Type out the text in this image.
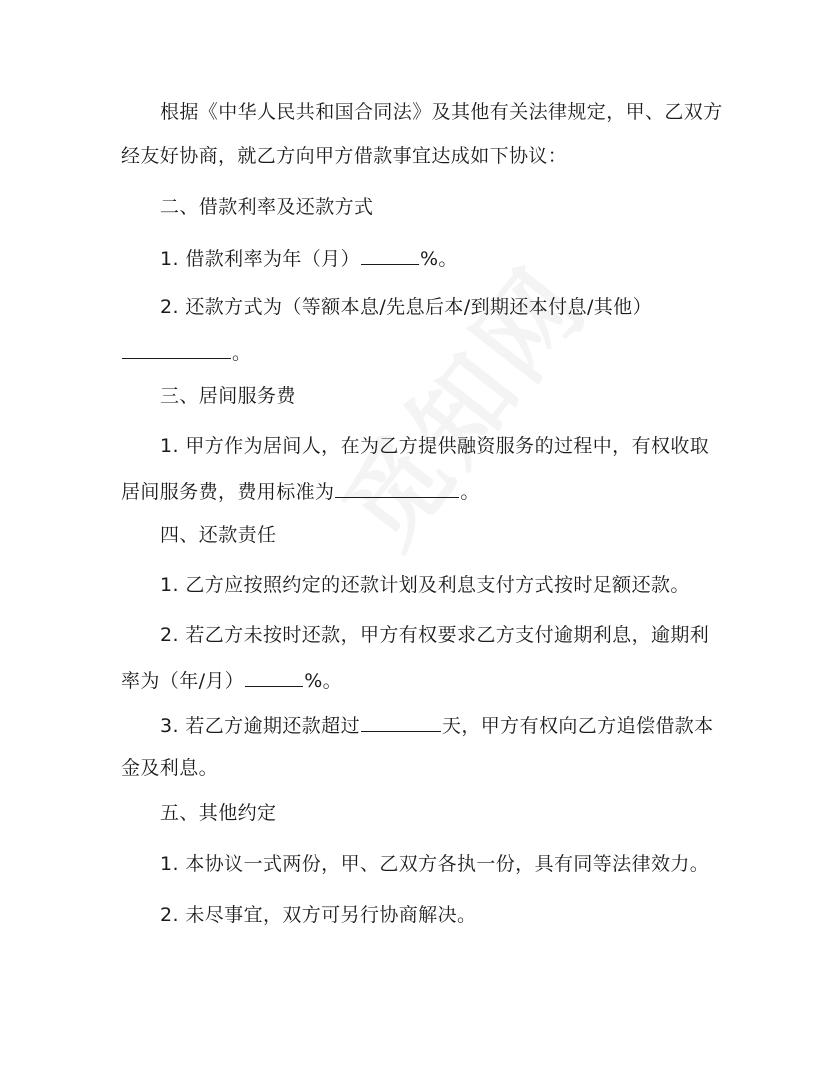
根据《中华人民共和国合同法》及其他有关法律规定，甲、乙双方
经友好协商，就乙方向甲方借款事宜达成如下协议：
二、借款利率及还款方式
1. 借款利率为年（月）	%。
2. 还款方式为（等额本息/先息后本/到期还本付息/其他）
。
三、居间服务费
1. 甲方作为居间人，在为乙方提供融资服务的过程中，有权收取
居间服务费，费用标准为	。
四、还款责任
1. 乙方应按照约定的还款计划及利息支付方式按时足额还款。
2. 若乙方未按时还款，甲方有权要求乙方支付逾期利息，逾期利
率为（年/月）	%。
3. 若乙方逾期还款超过	天，甲方有权向乙方追偿借款本
金及利息。
五、其他约定
1. 本协议一式两份，甲、乙双方各执一份，具有同等法律效力。
2. 未尽事宜，双方可另行协商解决。
